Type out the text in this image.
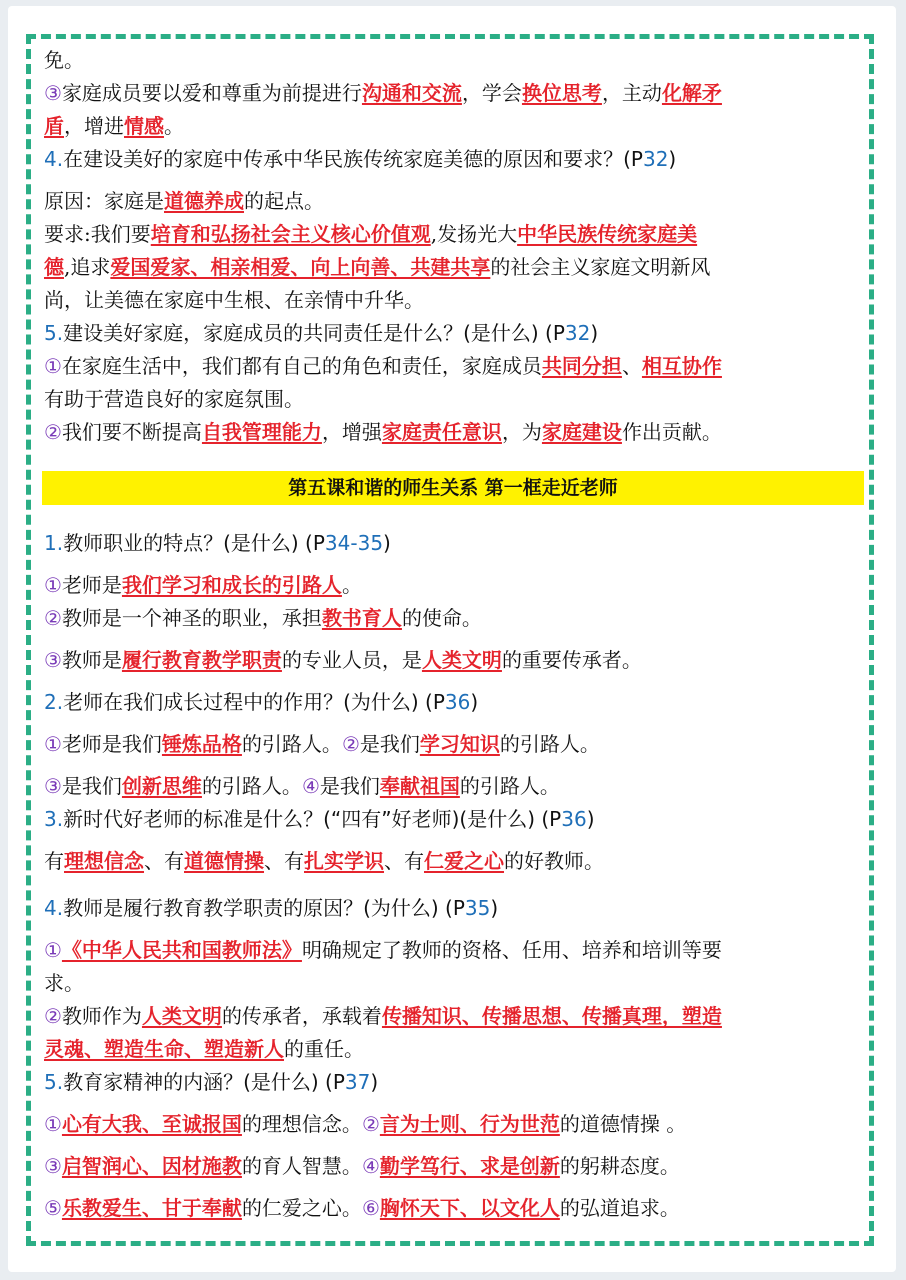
免。
③家庭成员要以爱和尊重为前提进行沟通和交流，学会换位思考，主动化解矛
盾，增进情感。
4.在建设美好的家庭中传承中华民族传统家庭美德的原因和要求？(P32)
原因：家庭是道德养成的起点。
要求:我们要培育和弘扬社会主义核心价值观,发扬光大中华民族传统家庭美
德,追求爱国爱家、相亲相爱、向上向善、共建共享的社会主义家庭文明新风
尚，让美德在家庭中生根、在亲情中升华。
5.建设美好家庭，家庭成员的共同责任是什么？(是什么) (P32)
①在家庭生活中，我们都有自己的角色和责任，家庭成员共同分担、相互协作
有助于营造良好的家庭氛围。
②我们要不断提高自我管理能力，增强家庭责任意识，为家庭建设作出贡献。
第五课和谐的师生关系 第一框走近老师
1.教师职业的特点？(是什么) (P34-35)
①老师是我们学习和成长的引路人。
②教师是一个神圣的职业，承担教书育人的使命。
③教师是履行教育教学职责的专业人员，是人类文明的重要传承者。
2.老师在我们成长过程中的作用？(为什么) (P36)
①老师是我们锤炼品格的引路人。②是我们学习知识的引路人。
③是我们创新思维的引路人。④是我们奉献祖国的引路人。
3.新时代好老师的标准是什么？(“四有”好老师)(是什么) (P36)
有理想信念、有道德情操、有扎实学识、有仁爱之心的好教师。
4.教师是履行教育教学职责的原因？(为什么) (P35)
①《中华人民共和国教师法》明确规定了教师的资格、任用、培养和培训等要
求。
②教师作为人类文明的传承者，承载着传播知识、传播思想、传播真理，塑造
灵魂、塑造生命、塑造新人的重任。
5.教育家精神的内涵？(是什么) (P37)
①心有大我、至诚报国的理想信念。②言为士则、行为世范的道德情操 。
③启智润心、因材施教的育人智慧。④勤学笃行、求是创新的躬耕态度。
⑤乐教爱生、甘于奉献的仁爱之心。⑥胸怀天下、以文化人的弘道追求。
